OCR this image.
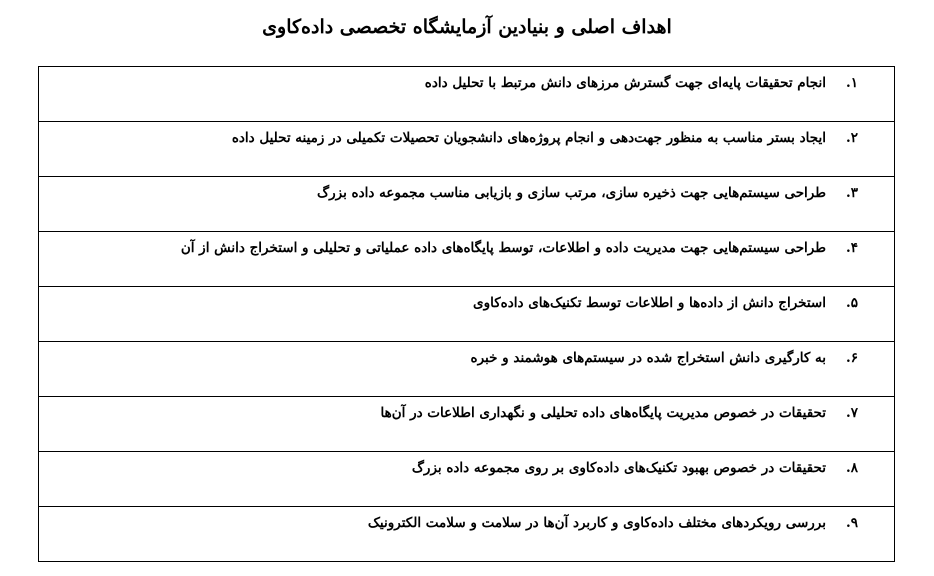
اهداف اصلی و بنیادین آزمایشگاه تخصصی داده‌کاوی
۱.
انجام تحقیقات پایه‌ای جهت گسترش مرزهای دانش مرتبط با تحلیل داده

۲.
ایجاد بستر مناسب به منظور جهت‌دهی و انجام پروژه‌های دانشجویان تحصیلات تکمیلی در زمینه تحلیل داده

۳.
طراحی سیستم‌هایی جهت ذخیره سازی، مرتب سازی و بازیابی مناسب مجموعه داده بزرگ

۴.
طراحی سیستم‌هایی جهت مدیریت داده و اطلاعات، توسط پایگاه‌های داده عملیاتی و تحلیلی و استخراج دانش از آن

۵.
استخراج دانش از داده‌ها و اطلاعات توسط تکنیک‌های داده‌کاوی

۶.
به کارگیری دانش استخراج شده در سیستم‌های هوشمند و خبره

۷.
تحقیقات در خصوص مدیریت پایگاه‌های داده تحلیلی و نگهداری اطلاعات در آن‌ها

۸.
تحقیقات در خصوص بهبود تکنیک‌های داده‌کاوی بر روی مجموعه داده بزرگ

۹.
بررسی رویکردهای مختلف داده‌کاوی و کاربرد آن‌ها در سلامت و سلامت الکترونیک
